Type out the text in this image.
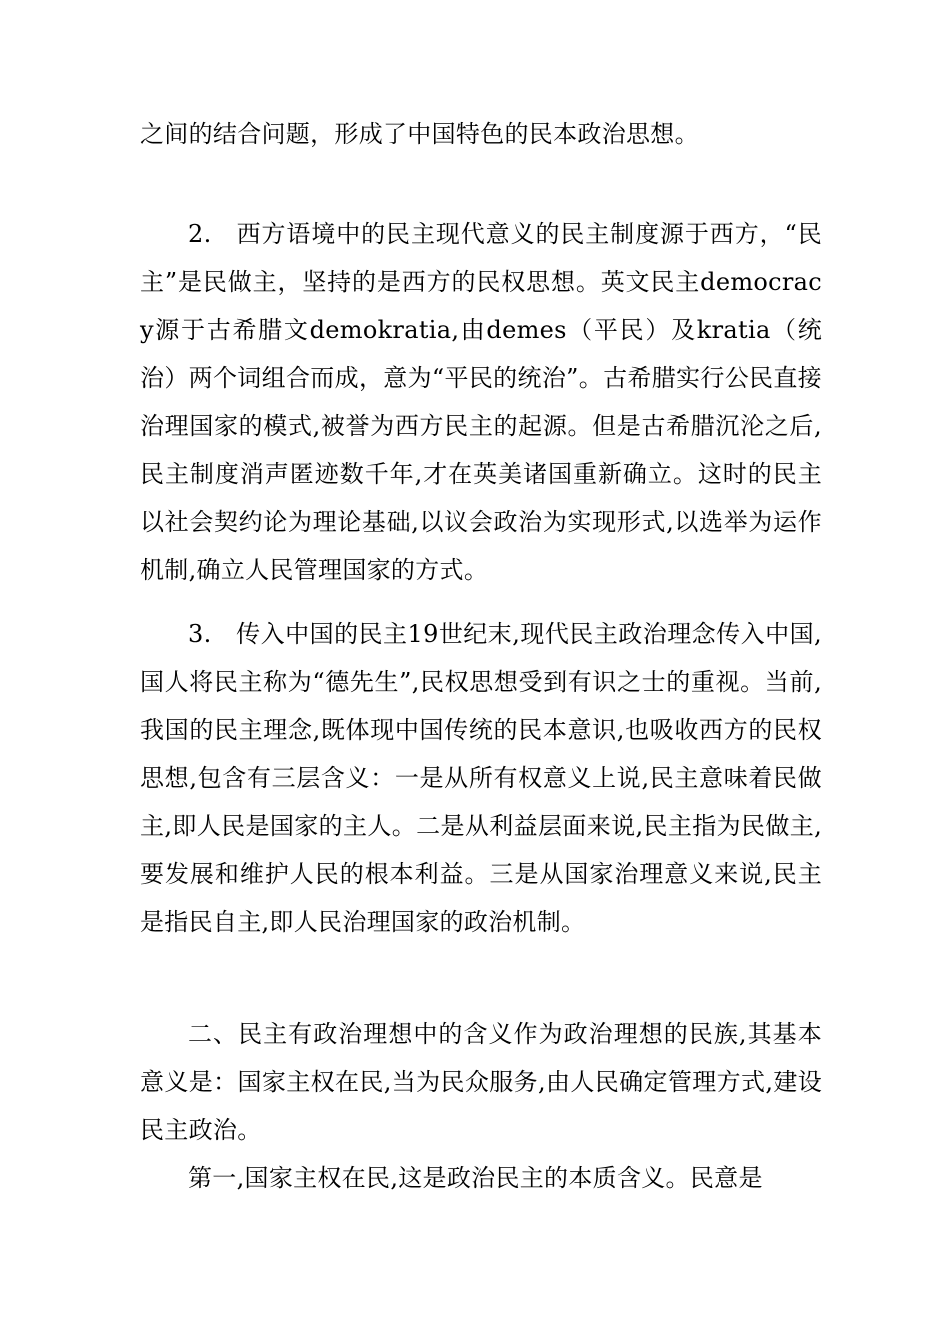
之间的结合问题，形成了中国特色的民本政治思想。

2. 西方语境中的民主现代意义的民主制度源于西方，“民主”是民做主，坚持的是西方的民权思想。英文民主democracy源于古希腊文demokratia,由demes（平民）及kratia（统治）两个词组合而成，意为“平民的统治”。古希腊实行公民直接治理国家的模式,被誉为西方民主的起源。但是古希腊沉沦之后,民主制度消声匿迹数千年,才在英美诸国重新确立。这时的民主以社会契约论为理论基础,以议会政治为实现形式,以选举为运作机制,确立人民管理国家的方式。

3. 传入中国的民主19世纪末,现代民主政治理念传入中国,国人将民主称为“德先生”,民权思想受到有识之士的重视。当前,我国的民主理念,既体现中国传统的民本意识,也吸收西方的民权思想,包含有三层含义：一是从所有权意义上说,民主意味着民做主,即人民是国家的主人。二是从利益层面来说,民主指为民做主,要发展和维护人民的根本利益。三是从国家治理意义来说,民主是指民自主,即人民治理国家的政治机制。

二、民主有政治理想中的含义作为政治理想的民族,其基本意义是：国家主权在民,当为民众服务,由人民确定管理方式,建设民主政治。

第一,国家主权在民,这是政治民主的本质含义。民意是
